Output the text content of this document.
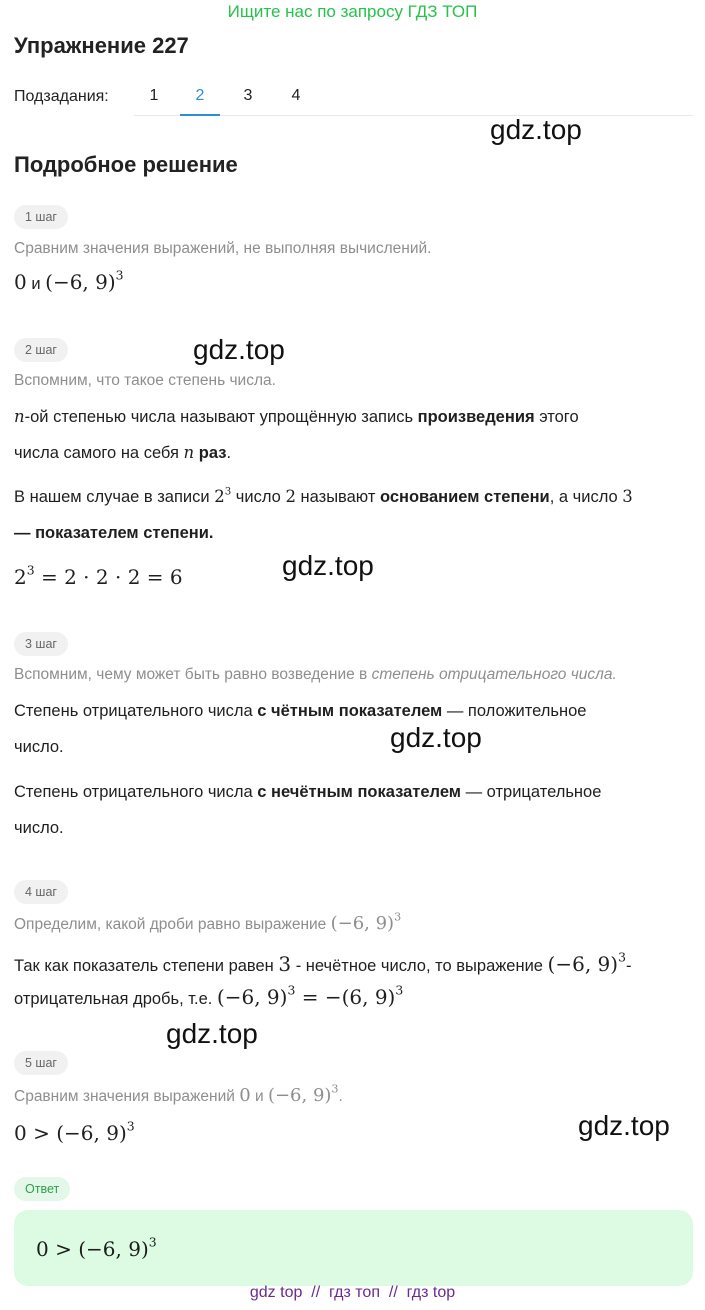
Ищите нас по запросу ГДЗ ТОП
Упражнение 227
Подзадания:	1	2	3	4
gdz.top
Подробное решение
1 шаг
Сравним значения выражений, не выполняя вычислений.
0 и (−6, 9)$^3$
2 шаг	gdz.top
Вспомним, что такое степень числа.
n-ой степенью числа называют упрощённую запись произведения этого
числа самого на себя n раз.
В нашем случае в записи $2^3$ число 2 называют основанием степени, а число 3
— показателем степени.
gdz.top
$2^3 = 2 \cdot 2 \cdot 2 = 6$
3 шаг
Вспомним, чему может быть равно возведение в степень отрицательного числа.
Степень отрицательного числа с чётным показателем — положительное
число.	gdz.top
Степень отрицательного числа с нечётным показателем — отрицательное
число.
4 шаг
Определим, какой дроби равно выражение (−6, 9)$^3$
Так как показатель степени равен 3 - нечётное число, то выражение (−6, 9)$^3$-
отрицательная дробь, т.е. (−6, 9)$^3$ = −(6, 9)$^3$
gdz.top
5 шаг
Сравним значения выражений 0 и (−6, 9)$^3$.
0 > (−6, 9)$^3$	gdz.top
Ответ
0 > (−6, 9)$^3$
gdz top  //  гдз топ  //  гдз top
